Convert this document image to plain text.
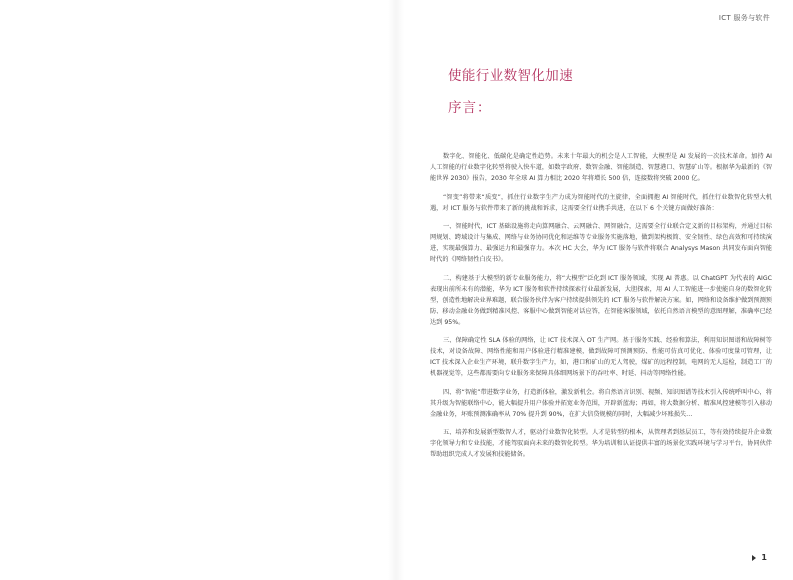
ICT 服务与软件
使能行业数智化加速
序言：

数字化、智能化、低碳化是确定性趋势。未来十年最大的机会是人工智能，大模型是 AI 发展的一次技术革命。加持 AI 人工智能的行业数字化转型将驶入快车道，如数字政府、数智金融、智能制造、智慧港口、智慧矿山等。根据华为最新的《智能世界 2030》报告，2030 年全球 AI 算力相比 2020 年将增长 500 倍，连接数将突破 2000 亿。

“智变”将带来“质变”，抓住行业数字生产力成为智能时代的主旋律，全面拥抱 AI 智能时代，抓住行业数智化转型大机遇，对 ICT 服务与软件带来了新的挑战和诉求，这需要全行业携手共进，在以下 6 个关键方面做好准备：

一、智能时代，ICT 基础设施将走向算网融合、云网融合、网智融合，这需要全行业联合定义新的目标架构，并通过目标网规划、跨域设计与集成、网络与业务协同优化和运维等专业服务实施落地，做到架构极简、安全韧性、绿色高效和可持续演进，实现最强算力、最强运力和最强存力。本次 HC 大会，华为 ICT 服务与软件将联合 Analysys Mason 共同发布面向智能时代的《网络韧性白皮书》。

二、构建基于大模型的新专业服务能力，将“大模型”泛化到 ICT 服务领域，实现 AI 普惠。以 ChatGPT 为代表的 AIGC 表现出前所未有的潜能，华为 ICT 服务和软件持续探索行业最新发展，大胆探索，用 AI 人工智能进一步使能自身的数智化转型，创造性地解决业界难题，联合服务伙伴为客户持续提供领先的 ICT 服务与软件解决方案。如，网络和设备维护做到预测预防、移动金融业务做到精准风控、客服中心做到智能对话应答，在智能客服领域，依托自然语言模型的意图理解，准确率已经达到 95%。

三、保障确定性 SLA 体验的网络，让 ICT 技术深入 OT 生产网。基于服务实践、经验和算法，利用知识图谱和故障树等技术，对设备故障、网络性能和用户体验进行精准建模，做到故障可预测预防、性能可仿真可优化、体验可度量可管理，让 ICT 技术深入企业生产环境，联升数字生产力，如，港口和矿山的无人驾驶，煤矿的远程控制，电网的无人巡检，制造工厂的机器视觉等，这些都需要向专业服务来保障具体细网场景下的吞吐率、时延、抖动等网络性能。

四、将“智能”带进数字业务，打造新体验，激发新机会。将自然语言识别、视频、知识图谱等技术引入传统呼叫中心，将其升级为智能联络中心，能大幅提升用户体验并拓宽业务范围，开辟新蓝海；再如，将大数据分析、精准风控建模等引入移动金融业务，坏账预测准确率从 70% 提升到 90%，在扩大信贷规模的同时，大幅减少坏账损失…

五、培养和发展新型数智人才，驱动行业数智化转型。人才是转型的根本，从管理者到基层员工，等有效持续提升企业数字化领导力和专业技能，才能驾驭面向未来的数智化转型。华为培训和认证提供丰富的场景化实践环境与学习平台，协同伙伴帮助组织完成人才发展和技能储备。

1
